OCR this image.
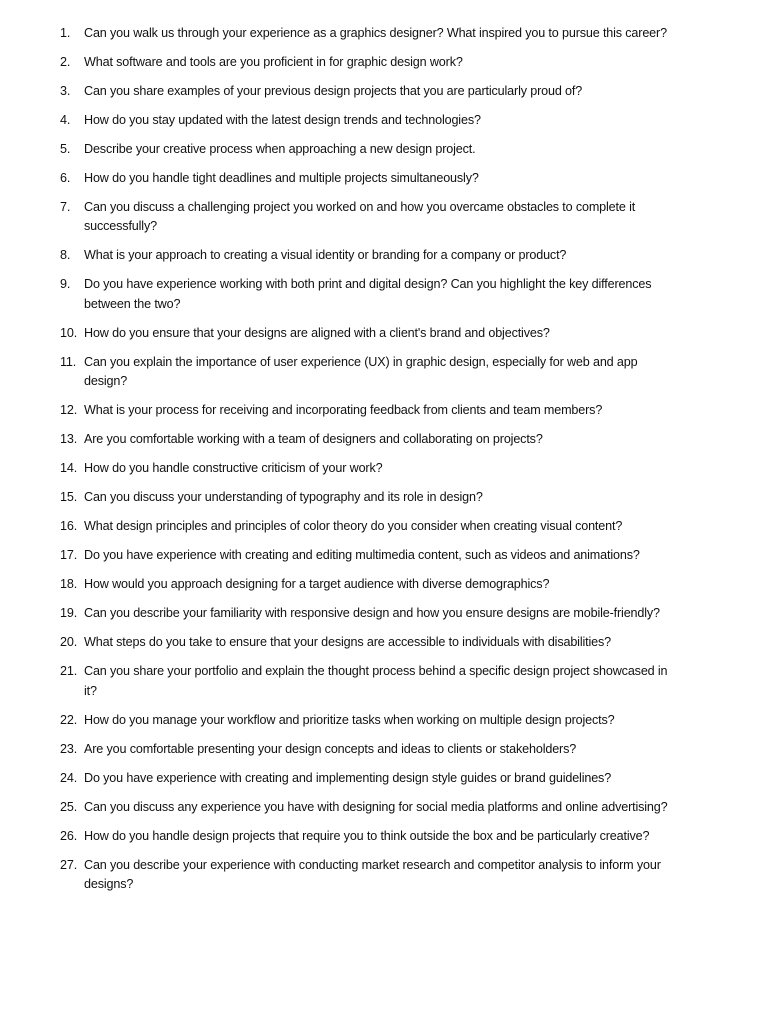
1.	Can you walk us through your experience as a graphics designer? What inspired you to pursue this career?
2.	What software and tools are you proficient in for graphic design work?
3.	Can you share examples of your previous design projects that you are particularly proud of?
4.	How do you stay updated with the latest design trends and technologies?
5.	Describe your creative process when approaching a new design project.
6.	How do you handle tight deadlines and multiple projects simultaneously?
7.	Can you discuss a challenging project you worked on and how you overcame obstacles to complete it successfully?
8.	What is your approach to creating a visual identity or branding for a company or product?
9.	Do you have experience working with both print and digital design? Can you highlight the key differences between the two?
10. How do you ensure that your designs are aligned with a client's brand and objectives?
11. Can you explain the importance of user experience (UX) in graphic design, especially for web and app design?
12. What is your process for receiving and incorporating feedback from clients and team members?
13. Are you comfortable working with a team of designers and collaborating on projects?
14. How do you handle constructive criticism of your work?
15. Can you discuss your understanding of typography and its role in design?
16. What design principles and principles of color theory do you consider when creating visual content?
17. Do you have experience with creating and editing multimedia content, such as videos and animations?
18. How would you approach designing for a target audience with diverse demographics?
19. Can you describe your familiarity with responsive design and how you ensure designs are mobile-friendly?
20. What steps do you take to ensure that your designs are accessible to individuals with disabilities?
21. Can you share your portfolio and explain the thought process behind a specific design project showcased in it?
22. How do you manage your workflow and prioritize tasks when working on multiple design projects?
23. Are you comfortable presenting your design concepts and ideas to clients or stakeholders?
24. Do you have experience with creating and implementing design style guides or brand guidelines?
25. Can you discuss any experience you have with designing for social media platforms and online advertising?
26. How do you handle design projects that require you to think outside the box and be particularly creative?
27. Can you describe your experience with conducting market research and competitor analysis to inform your designs?
